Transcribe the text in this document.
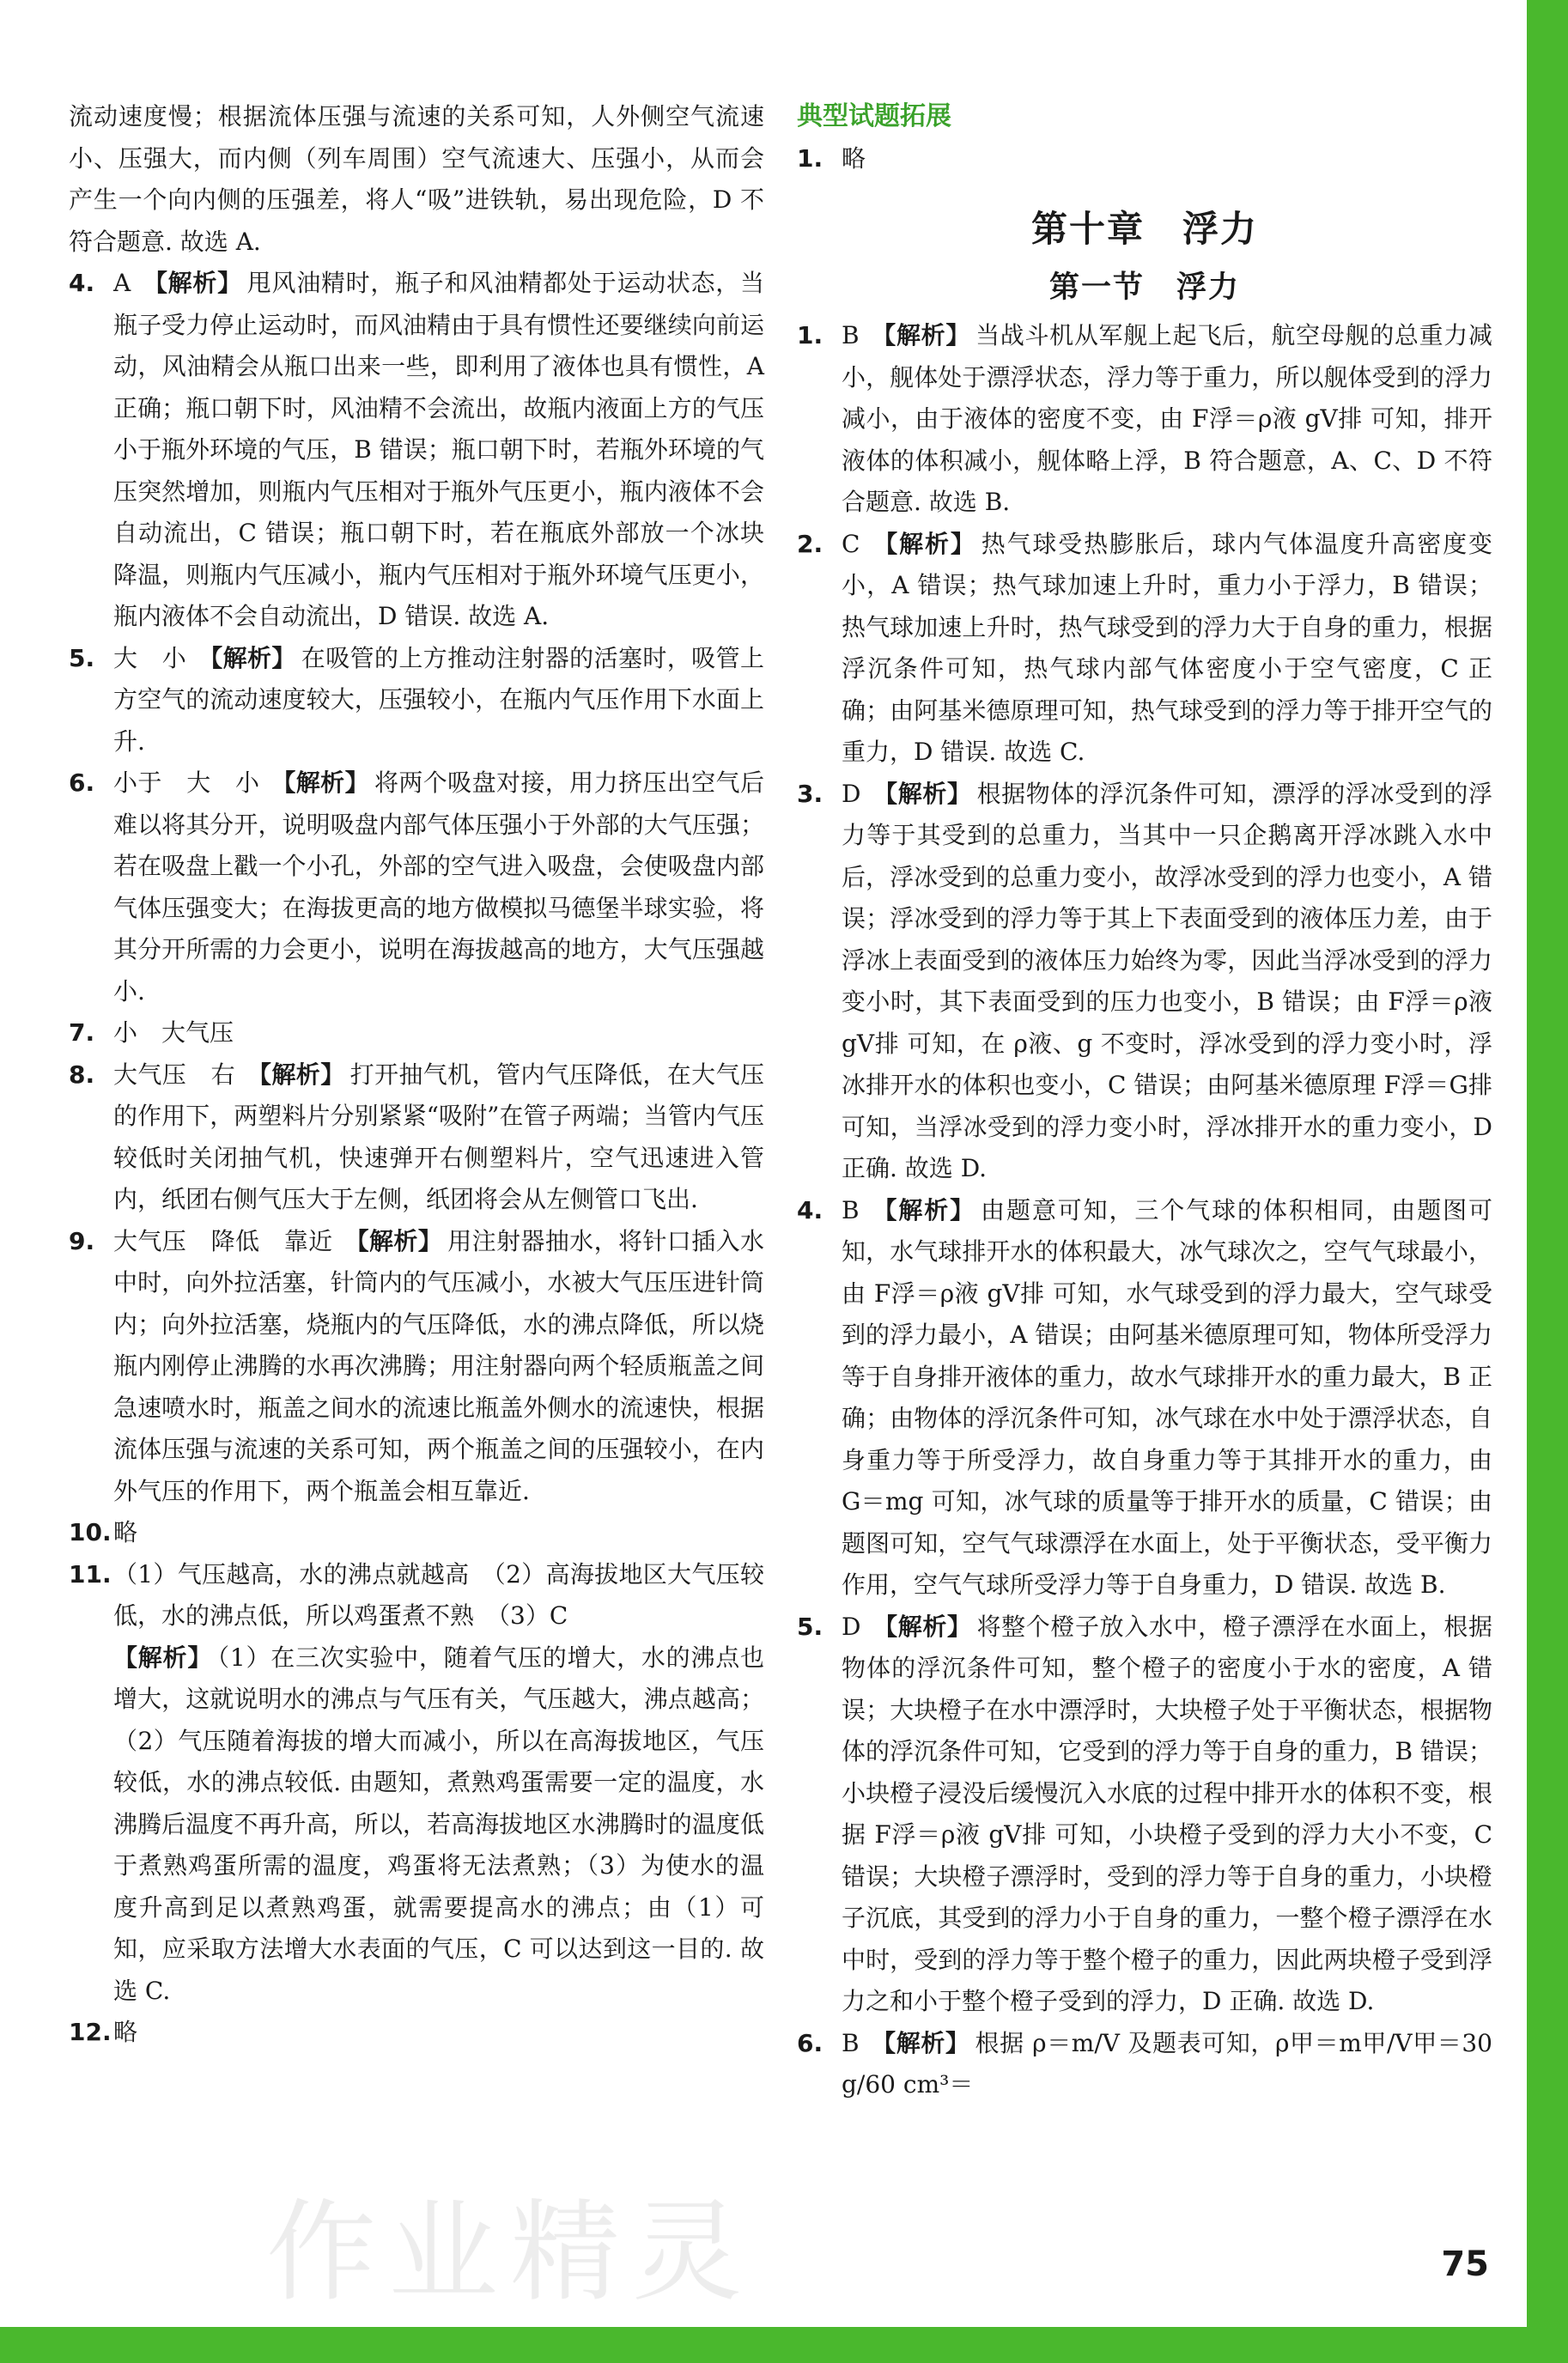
流动速度慢；根据流体压强与流速的关系可知，人外侧空气流速小、压强大，而内侧（列车周围）空气流速大、压强小，从而会产生一个向内侧的压强差，将人“吸”进铁轨，易出现危险，D 不符合题意. 故选 A.

4. A 【解析】 甩风油精时，瓶子和风油精都处于运动状态，当瓶子受力停止运动时，而风油精由于具有惯性还要继续向前运动，风油精会从瓶口出来一些，即利用了液体也具有惯性，A 正确；瓶口朝下时，风油精不会流出，故瓶内液面上方的气压小于瓶外环境的气压，B 错误；瓶口朝下时，若瓶外环境的气压突然增加，则瓶内气压相对于瓶外气压更小，瓶内液体不会自动流出，C 错误；瓶口朝下时，若在瓶底外部放一个冰块降温，则瓶内气压减小，瓶内气压相对于瓶外环境气压更小，瓶内液体不会自动流出，D 错误. 故选 A.
5. 大　小 【解析】 在吸管的上方推动注射器的活塞时，吸管上方空气的流动速度较大，压强较小，在瓶内气压作用下水面上升.
6. 小于　大　小 【解析】 将两个吸盘对接，用力挤压出空气后难以将其分开，说明吸盘内部气体压强小于外部的大气压强；若在吸盘上戳一个小孔，外部的空气进入吸盘，会使吸盘内部气体压强变大；在海拔更高的地方做模拟马德堡半球实验，将其分开所需的力会更小，说明在海拔越高的地方，大气压强越小.
7. 小　大气压
8. 大气压　右 【解析】 打开抽气机，管内气压降低，在大气压的作用下，两塑料片分别紧紧“吸附”在管子两端；当管内气压较低时关闭抽气机，快速弹开右侧塑料片，空气迅速进入管内，纸团右侧气压大于左侧，纸团将会从左侧管口飞出.
9. 大气压　降低　靠近 【解析】 用注射器抽水，将针口插入水中时，向外拉活塞，针筒内的气压减小，水被大气压压进针筒内；向外拉活塞，烧瓶内的气压降低，水的沸点降低，所以烧瓶内刚停止沸腾的水再次沸腾；用注射器向两个轻质瓶盖之间急速喷水时，瓶盖之间水的流速比瓶盖外侧水的流速快，根据流体压强与流速的关系可知，两个瓶盖之间的压强较小，在内外气压的作用下，两个瓶盖会相互靠近.
10. 略
11. （1）气压越高，水的沸点就越高　（2）高海拔地区大气压较低，水的沸点低，所以鸡蛋煮不熟　（3）C
【解析】 （1）在三次实验中，随着气压的增大，水的沸点也增大，这就说明水的沸点与气压有关，气压越大，沸点越高；（2）气压随着海拔的增大而减小，所以在高海拔地区，气压较低，水的沸点较低. 由题知，煮熟鸡蛋需要一定的温度，水沸腾后温度不再升高，所以，若高海拔地区水沸腾时的温度低于煮熟鸡蛋所需的温度，鸡蛋将无法煮熟；（3）为使水的温度升高到足以煮熟鸡蛋，就需要提高水的沸点；由（1）可知，应采取方法增大水表面的气压，C 可以达到这一目的. 故选 C.
12. 略
典型试题拓展
1. 略
第十章　浮力
第一节　浮力
1. B 【解析】 当战斗机从军舰上起飞后，航空母舰的总重力减小，舰体处于漂浮状态，浮力等于重力，所以舰体受到的浮力减小，由于液体的密度不变，由 F浮＝ρ液 gV排 可知，排开液体的体积减小，舰体略上浮，B 符合题意，A、C、D 不符合题意. 故选 B.
2. C 【解析】 热气球受热膨胀后，球内气体温度升高密度变小，A 错误；热气球加速上升时，重力小于浮力，B 错误；热气球加速上升时，热气球受到的浮力大于自身的重力，根据浮沉条件可知，热气球内部气体密度小于空气密度，C 正确；由阿基米德原理可知，热气球受到的浮力等于排开空气的重力，D 错误. 故选 C.
3. D 【解析】 根据物体的浮沉条件可知，漂浮的浮冰受到的浮力等于其受到的总重力，当其中一只企鹅离开浮冰跳入水中后，浮冰受到的总重力变小，故浮冰受到的浮力也变小，A 错误；浮冰受到的浮力等于其上下表面受到的液体压力差，由于浮冰上表面受到的液体压力始终为零，因此当浮冰受到的浮力变小时，其下表面受到的压力也变小，B 错误；由 F浮＝ρ液 gV排 可知，在 ρ液、g 不变时，浮冰受到的浮力变小时，浮冰排开水的体积也变小，C 错误；由阿基米德原理 F浮＝G排 可知，当浮冰受到的浮力变小时，浮冰排开水的重力变小，D 正确. 故选 D.
4. B 【解析】 由题意可知，三个气球的体积相同，由题图可知，水气球排开水的体积最大，冰气球次之，空气气球最小，由 F浮＝ρ液 gV排 可知，水气球受到的浮力最大，空气球受到的浮力最小，A 错误；由阿基米德原理可知，物体所受浮力等于自身排开液体的重力，故水气球排开水的重力最大，B 正确；由物体的浮沉条件可知，冰气球在水中处于漂浮状态，自身重力等于所受浮力，故自身重力等于其排开水的重力，由 G＝mg 可知，冰气球的质量等于排开水的质量，C 错误；由题图可知，空气气球漂浮在水面上，处于平衡状态，受平衡力作用，空气气球所受浮力等于自身重力，D 错误. 故选 B.
5. D 【解析】 将整个橙子放入水中，橙子漂浮在水面上，根据物体的浮沉条件可知，整个橙子的密度小于水的密度，A 错误；大块橙子在水中漂浮时，大块橙子处于平衡状态，根据物体的浮沉条件可知，它受到的浮力等于自身的重力，B 错误；小块橙子浸没后缓慢沉入水底的过程中排开水的体积不变，根据 F浮＝ρ液 gV排 可知，小块橙子受到的浮力大小不变，C 错误；大块橙子漂浮时，受到的浮力等于自身的重力，小块橙子沉底，其受到的浮力小于自身的重力，一整个橙子漂浮在水中时，受到的浮力等于整个橙子的重力，因此两块橙子受到浮力之和小于整个橙子受到的浮力，D 正确. 故选 D.
6. B 【解析】 根据 ρ＝m/V 及题表可知，ρ甲＝m甲/V甲＝30 g/60 cm³＝
作业精灵	75
